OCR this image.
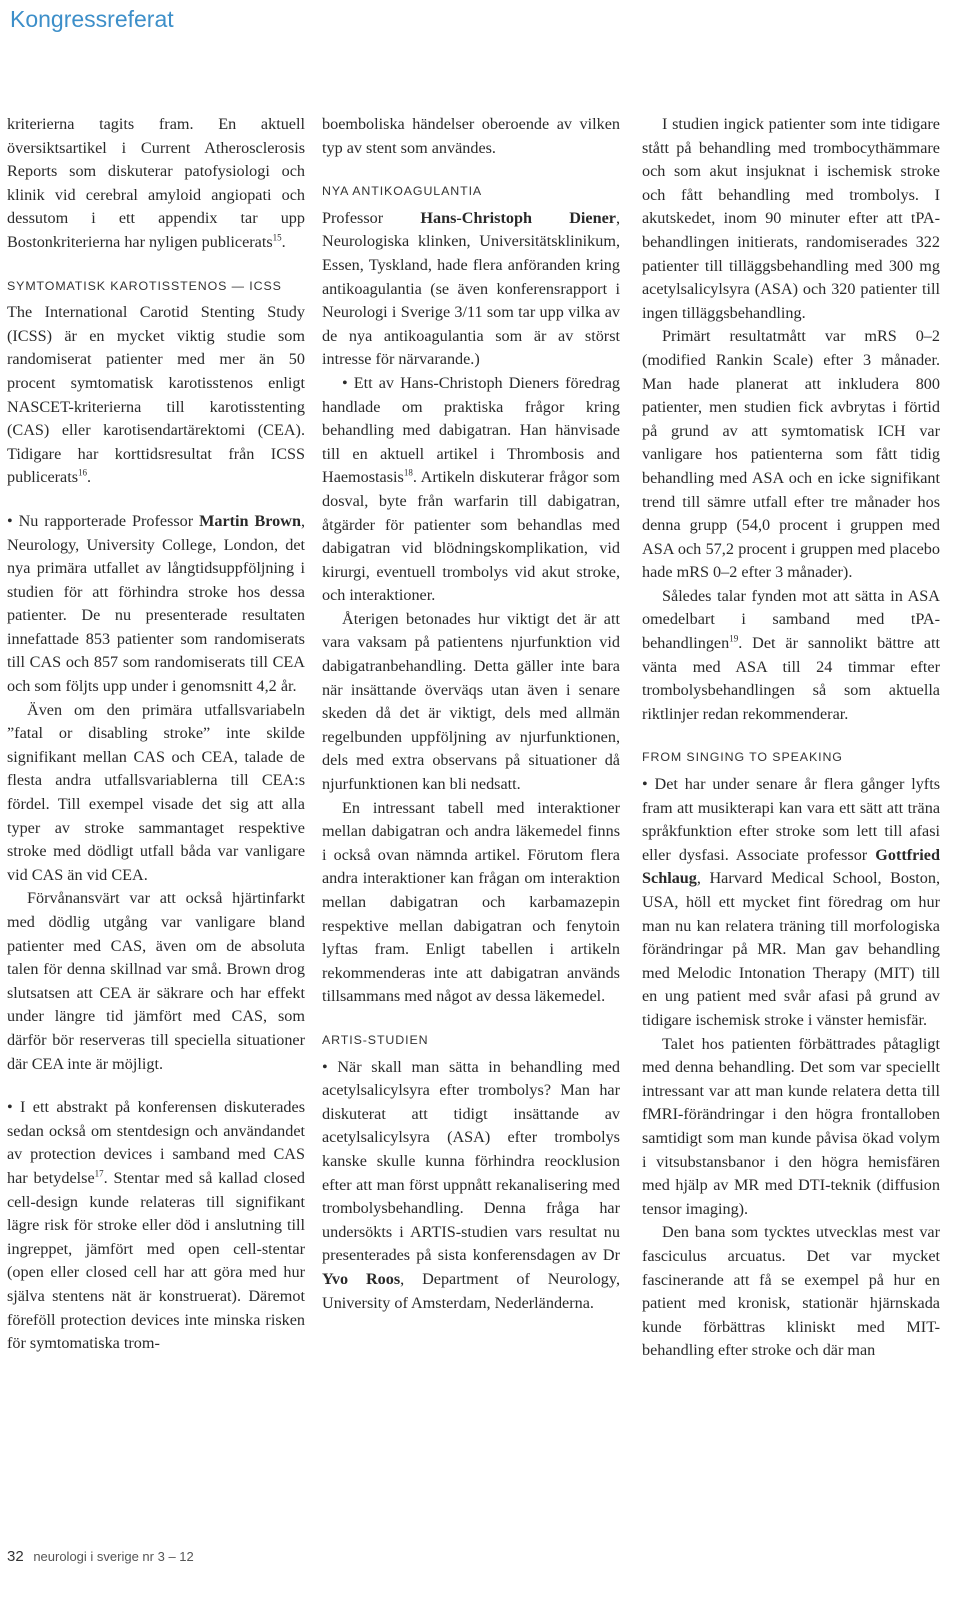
Kongressreferat

kriterierna tagits fram. En aktuell översiktsartikel i Current Atherosclerosis Reports som diskuterar patofysiologi och klinik vid cerebral amyloid angiopati och dessutom i ett appendix tar upp Bostonkriterierna har nyligen publicerats$^{15}$.

SYMTOMATISK KAROTISSTENOS — ICSS

The International Carotid Stenting Study (ICSS) är en mycket viktig studie som randomiserat patienter med mer än 50 procent symtomatisk karotisstenos enligt NASCET-kriterierna till karotisstenting (CAS) eller karotisendartärektomi (CEA). Tidigare har korttidsresultat från ICSS publicerats$^{16}$.

• Nu rapporterade Professor Martin Brown, Neurology, University College, London, det nya primära utfallet av långtidsuppföljning i studien för att förhindra stroke hos dessa patienter. De nu presenterade resultaten innefattade 853 patienter som randomiserats till CAS och 857 som randomiserats till CEA och som följts upp under i genomsnitt 4,2 år.

Även om den primära utfallsvariabeln ”fatal or disabling stroke” inte skilde signifikant mellan CAS och CEA, talade de flesta andra utfallsvariablerna till CEA:s fördel. Till exempel visade det sig att alla typer av stroke sammantaget respektive stroke med dödligt utfall båda var vanligare vid CAS än vid CEA.

Förvånansvärt var att också hjärtinfarkt med dödlig utgång var vanligare bland patienter med CAS, även om de absoluta talen för denna skillnad var små. Brown drog slutsatsen att CEA är säkrare och har effekt under längre tid jämfört med CAS, som därför bör reserveras till speciella situationer där CEA inte är möjligt.

• I ett abstrakt på konferensen diskuterades sedan också om stentdesign och användandet av protection devices i samband med CAS har betydelse$^{17}$. Stentar med så kallad closed cell-design kunde relateras till signifikant lägre risk för stroke eller död i anslutning till ingreppet, jämfört med open cell-stentar (open eller closed cell har att göra med hur själva stentens nät är konstruerat). Däremot föreföll protection devices inte minska risken för symtomatiska trom-

boemboliska händelser oberoende av vilken typ av stent som användes.

NYA ANTIKOAGULANTIA

Professor Hans-Christoph Diener, Neurologiska klinken, Universitätsklinikum, Essen, Tyskland, hade flera anföranden kring antikoagulantia (se även konferensrapport i Neurologi i Sverige 3/11 som tar upp vilka av de nya antikoagulantia som är av störst intresse för närvarande.)

• Ett av Hans-Christoph Dieners föredrag handlade om praktiska frågor kring behandling med dabigatran. Han hänvisade till en aktuell artikel i Thrombosis and Haemostasis$^{18}$. Artikeln diskuterar frågor som dosval, byte från warfarin till dabigatran, åtgärder för patienter som behandlas med dabigatran vid blödningskomplikation, vid kirurgi, eventuell trombolys vid akut stroke, och interaktioner.

Återigen betonades hur viktigt det är att vara vaksam på patientens njurfunktion vid dabigatranbehandling. Detta gäller inte bara när insättande överväqs utan även i senare skeden då det är viktigt, dels med allmän regelbunden uppföljning av njurfunktionen, dels med extra observans på situationer då njurfunktionen kan bli nedsatt.

En intressant tabell med interaktioner mellan dabigatran och andra läkemedel finns i också ovan nämnda artikel. Förutom flera andra interaktioner kan frågan om interaktion mellan dabigatran och karbamazepin respektive mellan dabigatran och fenytoin lyftas fram. Enligt tabellen i artikeln rekommenderas inte att dabigatran används tillsammans med något av dessa läkemedel.

ARTIS-STUDIEN

• När skall man sätta in behandling med acetylsalicylsyra efter trombolys? Man har diskuterat att tidigt insättande av acetylsalicylsyra (ASA) efter trombolys kanske skulle kunna förhindra reocklusion efter att man först uppnått rekanalisering med trombolysbehandling. Denna fråga har undersökts i ARTIS-studien vars resultat nu presenterades på sista konferensdagen av Dr Yvo Roos, Department of Neurology, University of Amsterdam, Nederländerna.

I studien ingick patienter som inte tidigare stått på behandling med trombocythämmare och som akut insjuknat i ischemisk stroke och fått behandling med trombolys. I akutskedet, inom 90 minuter efter att tPA-behandlingen initierats, randomiserades 322 patienter till tilläggsbehandling med 300 mg acetylsalicylsyra (ASA) och 320 patienter till ingen tilläggsbehandling.

Primärt resultatmått var mRS 0–2 (modified Rankin Scale) efter 3 månader. Man hade planerat att inkludera 800 patienter, men studien fick avbrytas i förtid på grund av att symtomatisk ICH var vanligare hos patienterna som fått tidig behandling med ASA och en icke signifikant trend till sämre utfall efter tre månader hos denna grupp (54,0 procent i gruppen med ASA och 57,2 procent i gruppen med placebo hade mRS 0–2 efter 3 månader).

Således talar fynden mot att sätta in ASA omedelbart i samband med tPA-behandlingen$^{19}$. Det är sannolikt bättre att vänta med ASA till 24 timmar efter trombolysbehandlingen så som aktuella riktlinjer redan rekommenderar.

FROM SINGING TO SPEAKING

• Det har under senare år flera gånger lyfts fram att musikterapi kan vara ett sätt att träna språkfunktion efter stroke som lett till afasi eller dysfasi. Associate professor Gottfried Schlaug, Harvard Medical School, Boston, USA, höll ett mycket fint föredrag om hur man nu kan relatera träning till morfologiska förändringar på MR. Man gav behandling med Melodic Intonation Therapy (MIT) till en ung patient med svår afasi på grund av tidigare ischemisk stroke i vänster hemisfär.

Talet hos patienten förbättrades påtagligt med denna behandling. Det som var speciellt intressant var att man kunde relatera detta till fMRI-förändringar i den högra frontalloben samtidigt som man kunde påvisa ökad volym i vitsubstansbanor i den högra hemisfären med hjälp av MR med DTI-teknik (diffusion tensor imaging).

Den bana som tycktes utvecklas mest var fasciculus arcuatus. Det var mycket fascinerande att få se exempel på hur en patient med kronisk, stationär hjärnskada kunde förbättras kliniskt med MIT-behandling efter stroke och där man

32 neurologi i sverige nr 3 – 12
